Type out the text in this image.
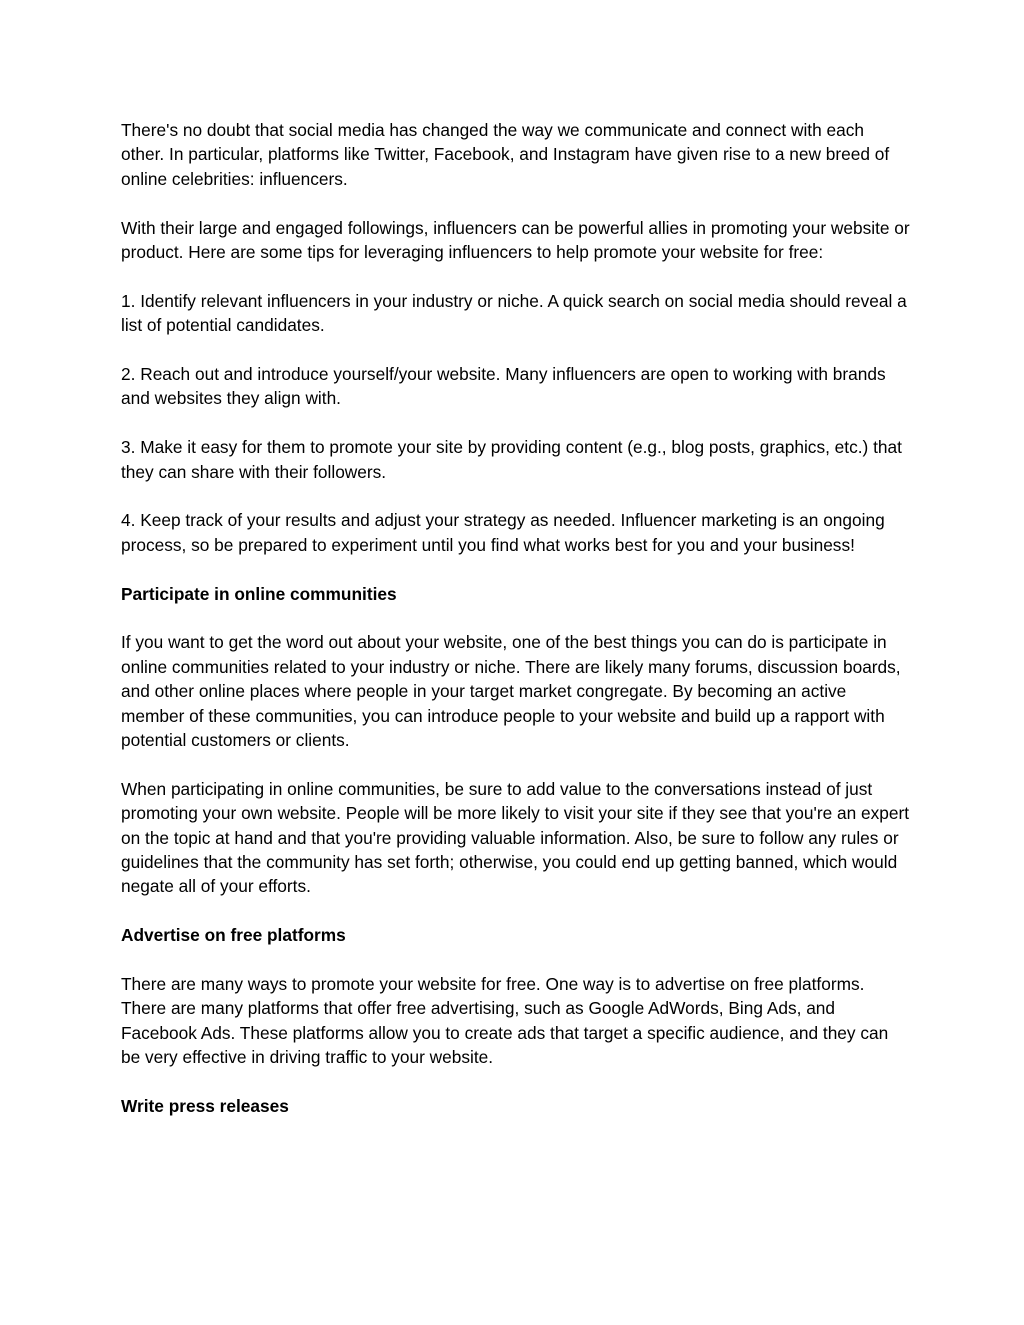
There's no doubt that social media has changed the way we communicate and connect with each other. In particular, platforms like Twitter, Facebook, and Instagram have given rise to a new breed of online celebrities: influencers.

With their large and engaged followings, influencers can be powerful allies in promoting your website or product. Here are some tips for leveraging influencers to help promote your website for free:

1. Identify relevant influencers in your industry or niche. A quick search on social media should reveal a list of potential candidates.

2. Reach out and introduce yourself/your website. Many influencers are open to working with brands and websites they align with.

3. Make it easy for them to promote your site by providing content (e.g., blog posts, graphics, etc.) that they can share with their followers.

4. Keep track of your results and adjust your strategy as needed. Influencer marketing is an ongoing process, so be prepared to experiment until you find what works best for you and your business!

Participate in online communities

If you want to get the word out about your website, one of the best things you can do is participate in online communities related to your industry or niche. There are likely many forums, discussion boards, and other online places where people in your target market congregate. By becoming an active member of these communities, you can introduce people to your website and build up a rapport with potential customers or clients.

When participating in online communities, be sure to add value to the conversations instead of just promoting your own website. People will be more likely to visit your site if they see that you're an expert on the topic at hand and that you're providing valuable information. Also, be sure to follow any rules or guidelines that the community has set forth; otherwise, you could end up getting banned, which would negate all of your efforts.

Advertise on free platforms

There are many ways to promote your website for free. One way is to advertise on free platforms. There are many platforms that offer free advertising, such as Google AdWords, Bing Ads, and Facebook Ads. These platforms allow you to create ads that target a specific audience, and they can be very effective in driving traffic to your website.

Write press releases
